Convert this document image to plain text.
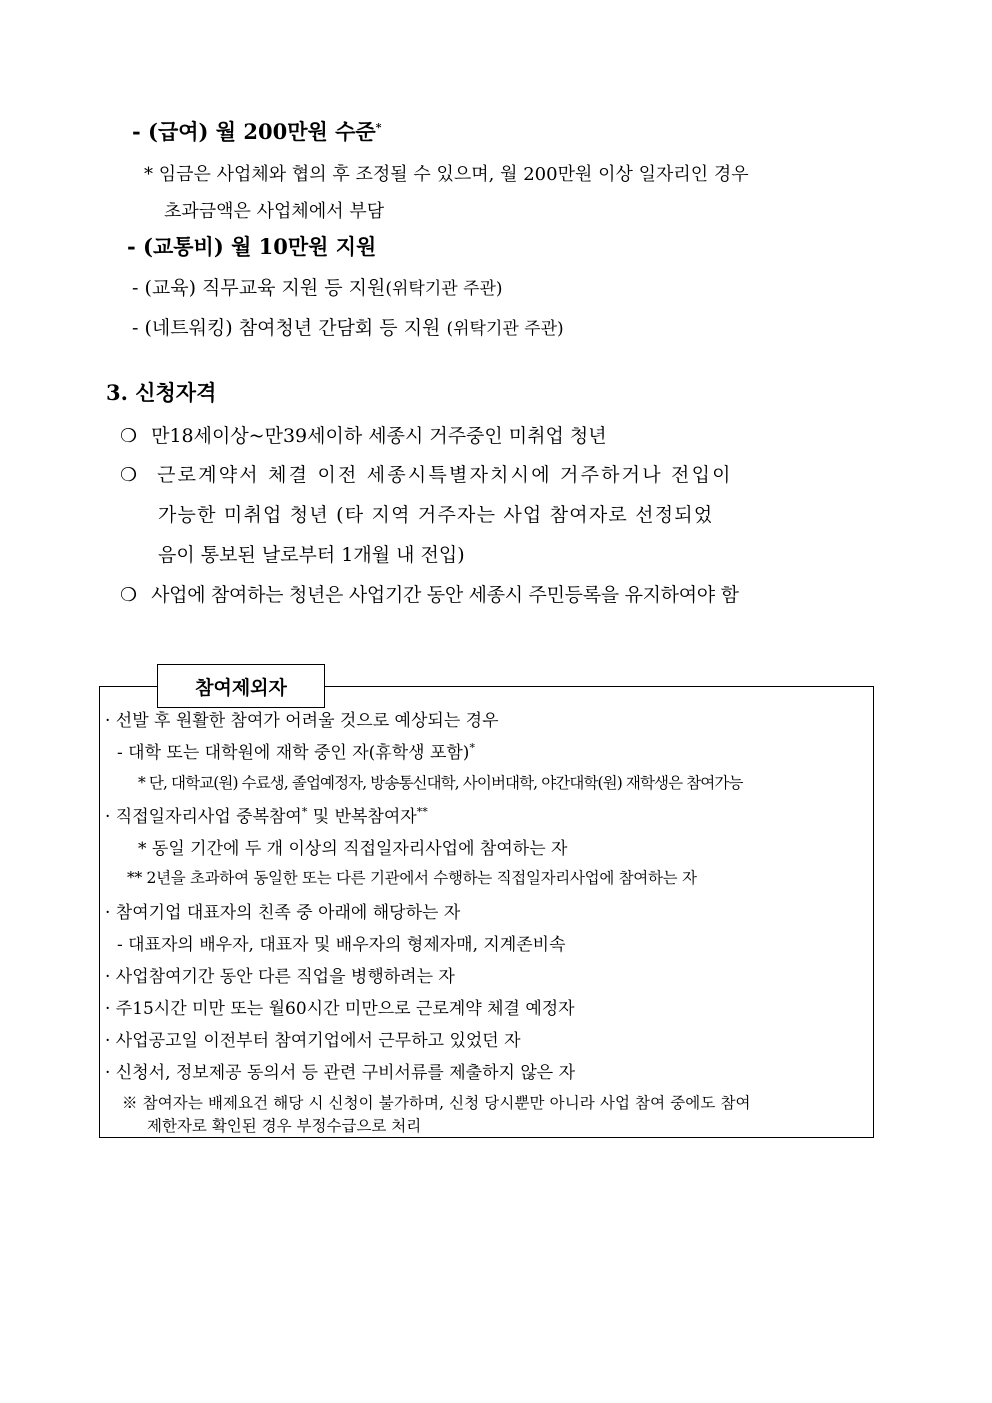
- (급여) 월 200만원 수준*
* 임금은 사업체와 협의 후 조정될 수 있으며, 월 200만원 이상 일자리인 경우
초과금액은 사업체에서 부담
- (교통비) 월 10만원 지원
- (교육) 직무교육 지원 등 지원(위탁기관 주관)
- (네트워킹) 참여청년 간담회 등 지원 (위탁기관 주관)
3. 신청자격
❍ 만18세이상~만39세이하 세종시 거주중인 미취업 청년
❍ 근로계약서 체결 이전 세종시특별자치시에 거주하거나 전입이
가능한 미취업 청년 (타 지역 거주자는 사업 참여자로 선정되었
음이 통보된 날로부터 1개월 내 전입)
❍ 사업에 참여하는 청년은 사업기간 동안 세종시 주민등록을 유지하여야 함
참여제외자
· 선발 후 원활한 참여가 어려울 것으로 예상되는 경우
- 대학 또는 대학원에 재학 중인 자(휴학생 포함)*
* 단, 대학교(원) 수료생, 졸업예정자, 방송통신대학, 사이버대학, 야간대학(원) 재학생은 참여가능
· 직접일자리사업 중복참여* 및 반복참여자**
* 동일 기간에 두 개 이상의 직접일자리사업에 참여하는 자
** 2년을 초과하여 동일한 또는 다른 기관에서 수행하는 직접일자리사업에 참여하는 자
· 참여기업 대표자의 친족 중 아래에 해당하는 자
- 대표자의 배우자, 대표자 및 배우자의 형제자매, 지계존비속
· 사업참여기간 동안 다른 직업을 병행하려는 자
· 주15시간 미만 또는 월60시간 미만으로 근로계약 체결 예정자
· 사업공고일 이전부터 참여기업에서 근무하고 있었던 자
· 신청서, 정보제공 동의서 등 관련 구비서류를 제출하지 않은 자
※ 참여자는 배제요건 해당 시 신청이 불가하며, 신청 당시뿐만 아니라 사업 참여 중에도 참여
제한자로 확인된 경우 부정수급으로 처리
